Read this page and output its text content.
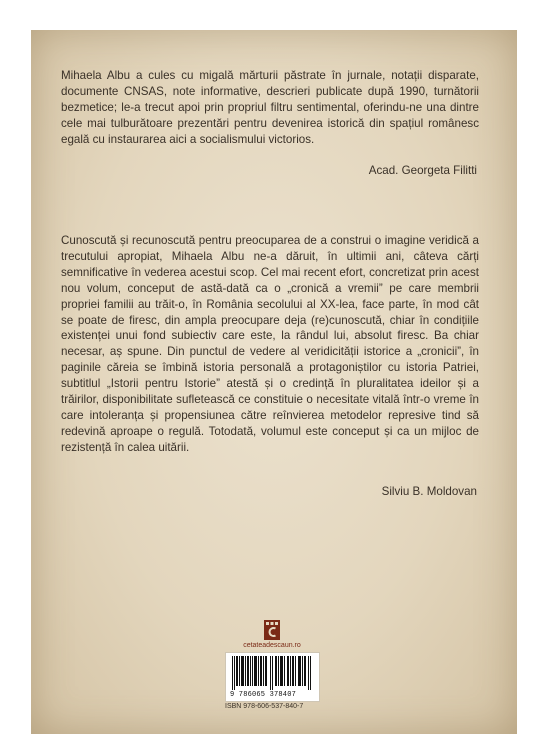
Mihaela Albu a cules cu migală mărturii păstrate în jurnale, notații disparate, documente CNSAS, note informative, descrieri publicate după 1990, turnătorii bezmetice; le-a trecut apoi prin propriul filtru sentimental, oferindu-ne una dintre cele mai tulburătoare prezentări pentru devenirea istorică din spațiul românesc egală cu instaurarea aici a socialismului victorios.
Acad. Georgeta Filitti
Cunoscută și recunoscută pentru preocuparea de a construi o imagine veridică a trecutului apropiat, Mihaela Albu ne-a dăruit, în ultimii ani, câteva cărți semnificative în vederea acestui scop. Cel mai recent efort, concretizat prin acest nou volum, conceput de astă-dată ca o „cronică a vremii” pe care membrii propriei familii au trăit-o, în România secolului al XX-lea, face parte, în mod cât se poate de firesc, din ampla preocupare deja (re)cunoscută, chiar în condițiile existenței unui fond subiectiv care este, la rândul lui, absolut firesc. Ba chiar necesar, aș spune. Din punctul de vedere al veridicității istorice a „cronicii”, în paginile căreia se îmbină istoria personală a protagoniștilor cu istoria Patriei, subtitlul „Istorii pentru Istorie” atestă și o credință în pluralitatea ideilor și a trăirilor, disponibilitate sufletească ce constituie o necesitate vitală într-o vreme în care intoleranța și propensiunea către reînvierea metodelor represive tind să redevină aproape o regulă. Totodată, volumul este conceput și ca un mijloc de rezistență în calea uitării.
Silviu B. Moldovan
cetateadescaun.ro
9 786065 378407
ISBN 978-606-537-840-7
